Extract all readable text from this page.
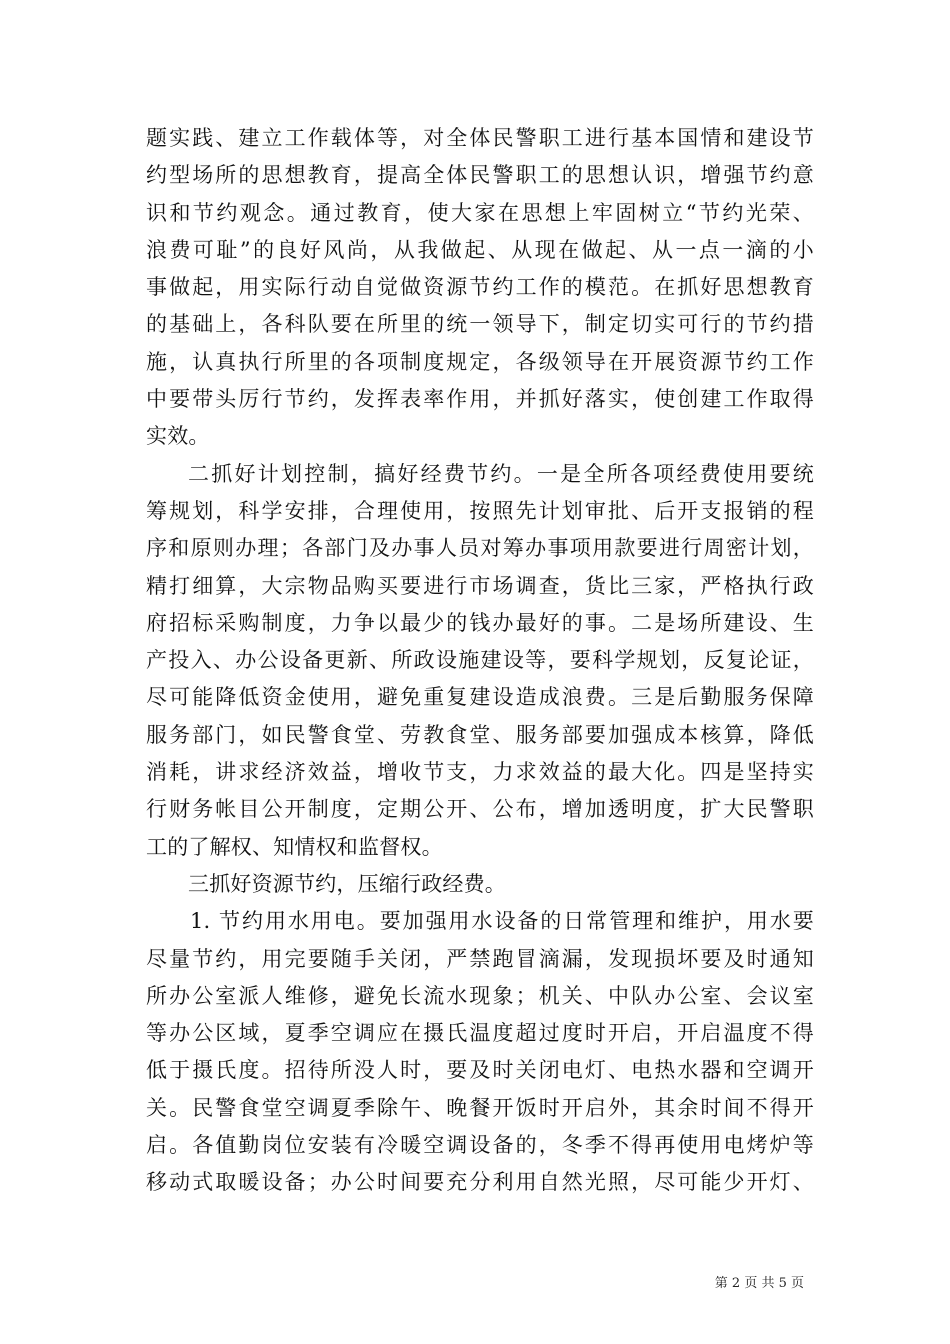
题实践、建立工作载体等，对全体民警职工进行基本国情和建设节
约型场所的思想教育，提高全体民警职工的思想认识，增强节约意
识和节约观念。通过教育，使大家在思想上牢固树立“节约光荣、
浪费可耻”的良好风尚，从我做起、从现在做起、从一点一滴的小
事做起，用实际行动自觉做资源节约工作的模范。在抓好思想教育
的基础上，各科队要在所里的统一领导下，制定切实可行的节约措
施，认真执行所里的各项制度规定，各级领导在开展资源节约工作
中要带头厉行节约，发挥表率作用，并抓好落实，使创建工作取得
实效。
二抓好计划控制，搞好经费节约。一是全所各项经费使用要统
筹规划，科学安排，合理使用，按照先计划审批、后开支报销的程
序和原则办理；各部门及办事人员对筹办事项用款要进行周密计划，
精打细算，大宗物品购买要进行市场调查，货比三家，严格执行政
府招标采购制度，力争以最少的钱办最好的事。二是场所建设、生
产投入、办公设备更新、所政设施建设等，要科学规划，反复论证，
尽可能降低资金使用，避免重复建设造成浪费。三是后勤服务保障
服务部门，如民警食堂、劳教食堂、服务部要加强成本核算，降低
消耗，讲求经济效益，增收节支，力求效益的最大化。四是坚持实
行财务帐目公开制度，定期公开、公布，增加透明度，扩大民警职
工的了解权、知情权和监督权。
三抓好资源节约，压缩行政经费。
1. 节约用水用电。要加强用水设备的日常管理和维护，用水要
尽量节约，用完要随手关闭，严禁跑冒滴漏，发现损坏要及时通知
所办公室派人维修，避免长流水现象；机关、中队办公室、会议室
等办公区域，夏季空调应在摄氏温度超过度时开启，开启温度不得
低于摄氏度。招待所没人时，要及时关闭电灯、电热水器和空调开
关。民警食堂空调夏季除午、晚餐开饭时开启外，其余时间不得开
启。各值勤岗位安装有冷暖空调设备的，冬季不得再使用电烤炉等
移动式取暖设备；办公时间要充分利用自然光照，尽可能少开灯、
第 2 页 共 5 页
